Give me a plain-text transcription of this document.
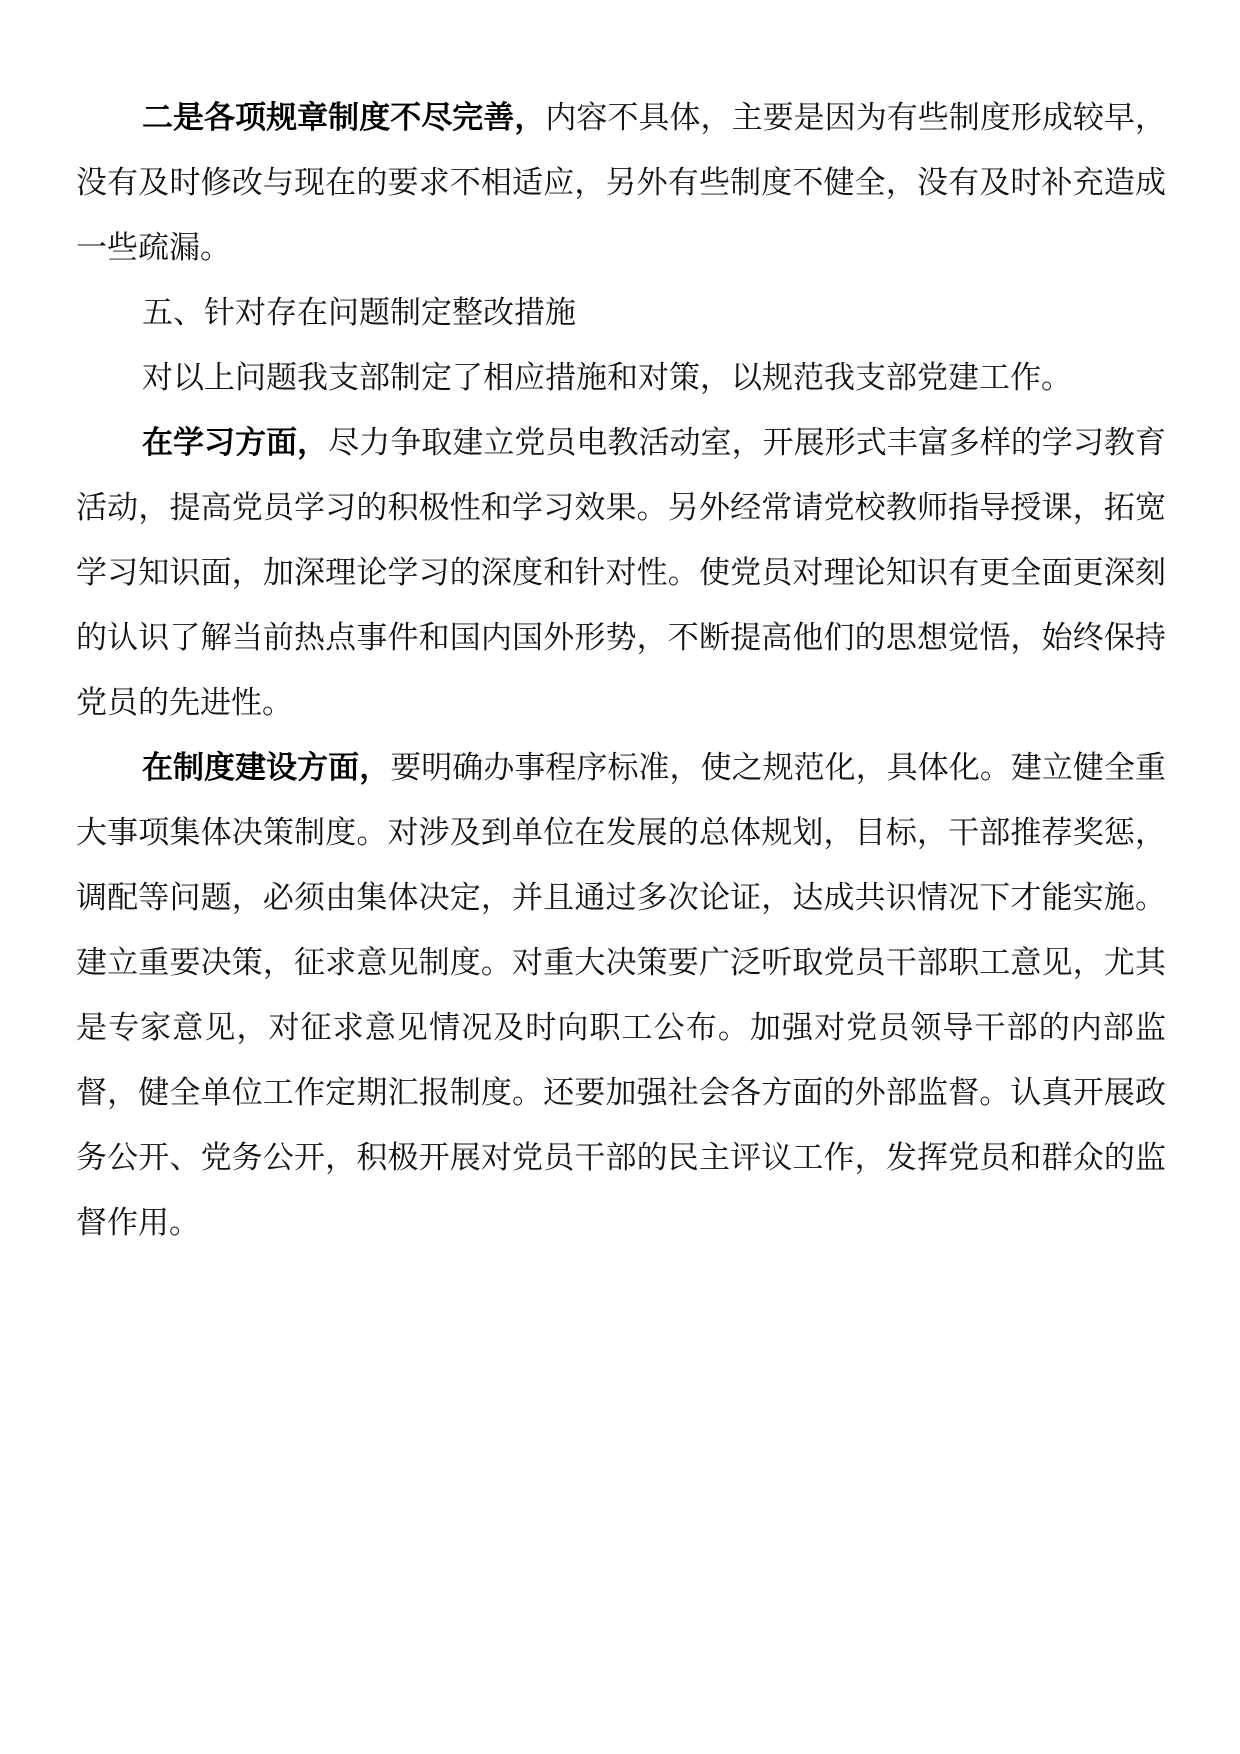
二是各项规章制度不尽完善，内容不具体，主要是因为有些制度形成较早，没有及时修改与现在的要求不相适应，另外有些制度不健全，没有及时补充造成一些疏漏。

五、针对存在问题制定整改措施

对以上问题我支部制定了相应措施和对策，以规范我支部党建工作。

在学习方面，尽力争取建立党员电教活动室，开展形式丰富多样的学习教育活动，提高党员学习的积极性和学习效果。另外经常请党校教师指导授课，拓宽学习知识面，加深理论学习的深度和针对性。使党员对理论知识有更全面更深刻的认识了解当前热点事件和国内国外形势，不断提高他们的思想觉悟，始终保持党员的先进性。

在制度建设方面，要明确办事程序标准，使之规范化，具体化。建立健全重大事项集体决策制度。对涉及到单位在发展的总体规划，目标，干部推荐奖惩，调配等问题，必须由集体决定，并且通过多次论证，达成共识情况下才能实施。建立重要决策，征求意见制度。对重大决策要广泛听取党员干部职工意见，尤其是专家意见，对征求意见情况及时向职工公布。加强对党员领导干部的内部监督，健全单位工作定期汇报制度。还要加强社会各方面的外部监督。认真开展政务公开、党务公开，积极开展对党员干部的民主评议工作，发挥党员和群众的监督作用。
